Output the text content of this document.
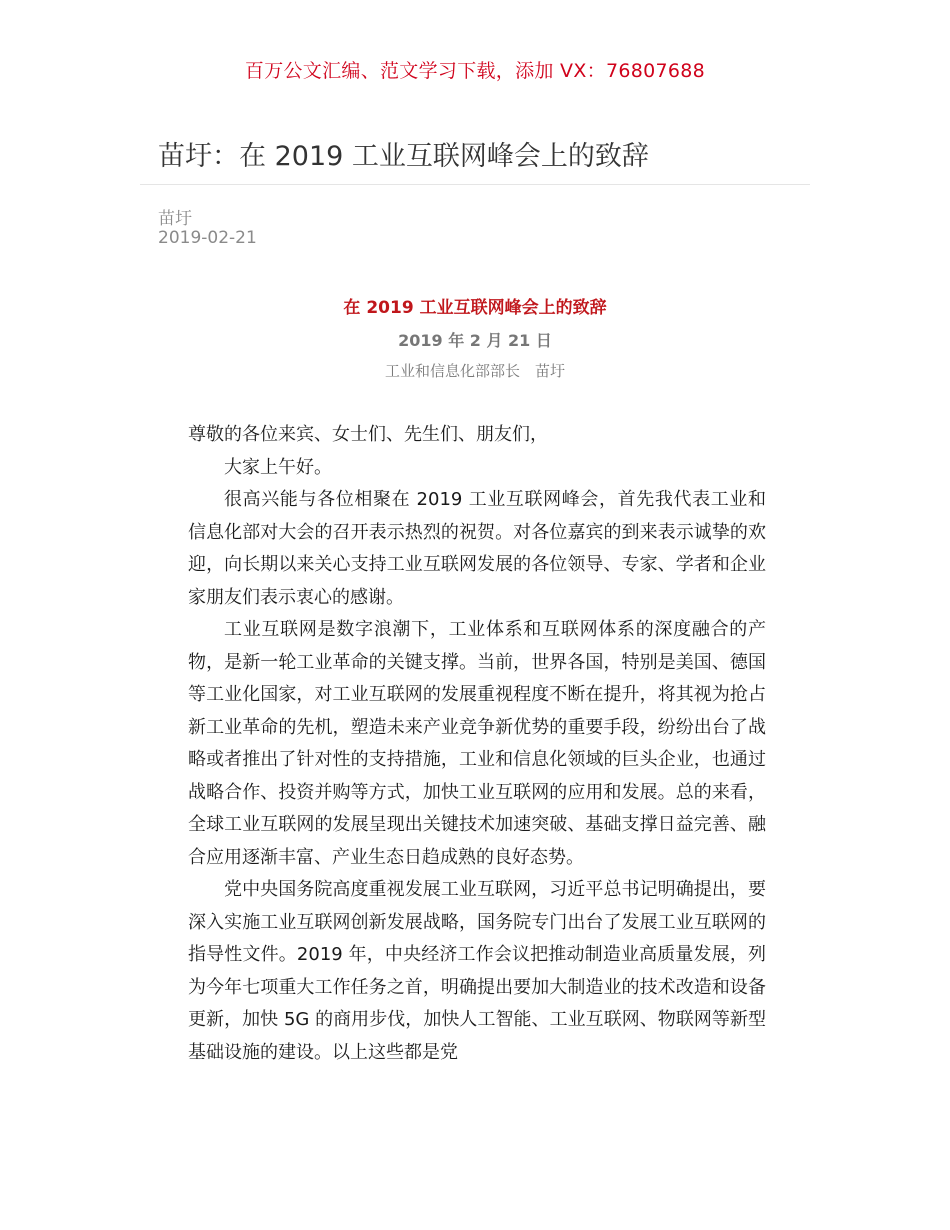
百万公文汇编、范文学习下载，添加 VX：76807688
苗圩：在 2019 工业互联网峰会上的致辞
苗圩
2019-02-21
在 2019 工业互联网峰会上的致辞
2019 年 2 月 21 日
工业和信息化部部长　苗圩

尊敬的各位来宾、女士们、先生们、朋友们，

大家上午好。

很高兴能与各位相聚在 2019 工业互联网峰会，首先我代表工业和信息化部对大会的召开表示热烈的祝贺。对各位嘉宾的到来表示诚挚的欢迎，向长期以来关心支持工业互联网发展的各位领导、专家、学者和企业家朋友们表示衷心的感谢。

工业互联网是数字浪潮下，工业体系和互联网体系的深度融合的产物，是新一轮工业革命的关键支撑。当前，世界各国，特别是美国、德国等工业化国家，对工业互联网的发展重视程度不断在提升，将其视为抢占新工业革命的先机，塑造未来产业竞争新优势的重要手段，纷纷出台了战略或者推出了针对性的支持措施，工业和信息化领域的巨头企业，也通过战略合作、投资并购等方式，加快工业互联网的应用和发展。总的来看，全球工业互联网的发展呈现出关键技术加速突破、基础支撑日益完善、融合应用逐渐丰富、产业生态日趋成熟的良好态势。

党中央国务院高度重视发展工业互联网，习近平总书记明确提出，要深入实施工业互联网创新发展战略，国务院专门出台了发展工业互联网的指导性文件。2019 年，中央经济工作会议把推动制造业高质量发展，列为今年七项重大工作任务之首，明确提出要加大制造业的技术改造和设备更新，加快 5G 的商用步伐，加快人工智能、工业互联网、物联网等新型基础设施的建设。以上这些都是党
